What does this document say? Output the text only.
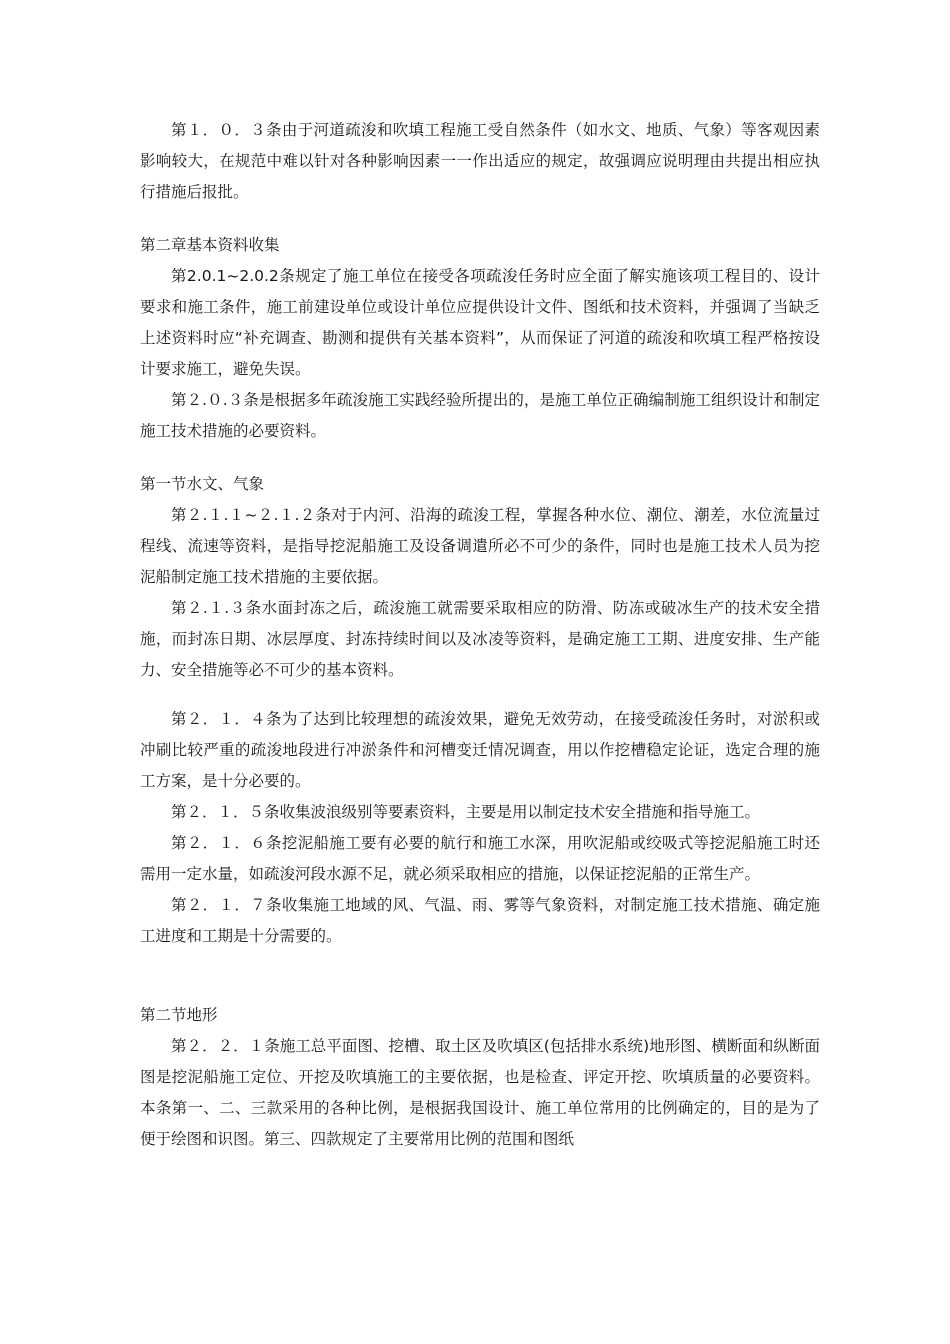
第１．０．３条由于河道疏浚和吹填工程施工受自然条件（如水文、地质、气象）等客观因素影响较大，在规范中难以针对各种影响因素一一作出适应的规定，故强调应说明理由共提出相应执行措施后报批。

第二章基本资料收集

第2.0.1~2.0.2条规定了施工单位在接受各项疏浚任务时应全面了解实施该项工程目的、设计要求和施工条件，施工前建设单位或设计单位应提供设计文件、图纸和技术资料，并强调了当缺乏上述资料时应“补充调查、勘测和提供有关基本资料”，从而保证了河道的疏浚和吹填工程严格按设计要求施工，避免失误。

第２.０.３条是根据多年疏浚施工实践经验所提出的，是施工单位正确编制施工组织设计和制定施工技术措施的必要资料。

第一节水文、气象

第２.１.１~２.１.２条对于内河、沿海的疏浚工程，掌握各种水位、潮位、潮差，水位流量过程线、流速等资料，是指导挖泥船施工及设备调遣所必不可少的条件，同时也是施工技术人员为挖泥船制定施工技术措施的主要依据。

第２.１.３条水面封冻之后，疏浚施工就需要采取相应的防滑、防冻或破冰生产的技术安全措施，而封冻日期、冰层厚度、封冻持续时间以及冰凌等资料，是确定施工工期、进度安排、生产能力、安全措施等必不可少的基本资料。

第２．１．４条为了达到比较理想的疏浚效果，避免无效劳动，在接受疏浚任务时，对淤积或冲刷比较严重的疏浚地段进行冲淤条件和河槽变迁情况调查，用以作挖槽稳定论证，选定合理的施工方案，是十分必要的。

第２．１．５条收集波浪级别等要素资料，主要是用以制定技术安全措施和指导施工。

第２．１．６条挖泥船施工要有必要的航行和施工水深，用吹泥船或绞吸式等挖泥船施工时还需用一定水量，如疏浚河段水源不足，就必须采取相应的措施，以保证挖泥船的正常生产。

第２．１．７条收集施工地域的风、气温、雨、雾等气象资料，对制定施工技术措施、确定施工进度和工期是十分需要的。

第二节地形

第２．２．１条施工总平面图、挖槽、取土区及吹填区(包括排水系统)地形图、横断面和纵断面图是挖泥船施工定位、开挖及吹填施工的主要依据，也是检查、评定开挖、吹填质量的必要资料。本条第一、二、三款采用的各种比例，是根据我国设计、施工单位常用的比例确定的，目的是为了便于绘图和识图。第三、四款规定了主要常用比例的范围和图纸
